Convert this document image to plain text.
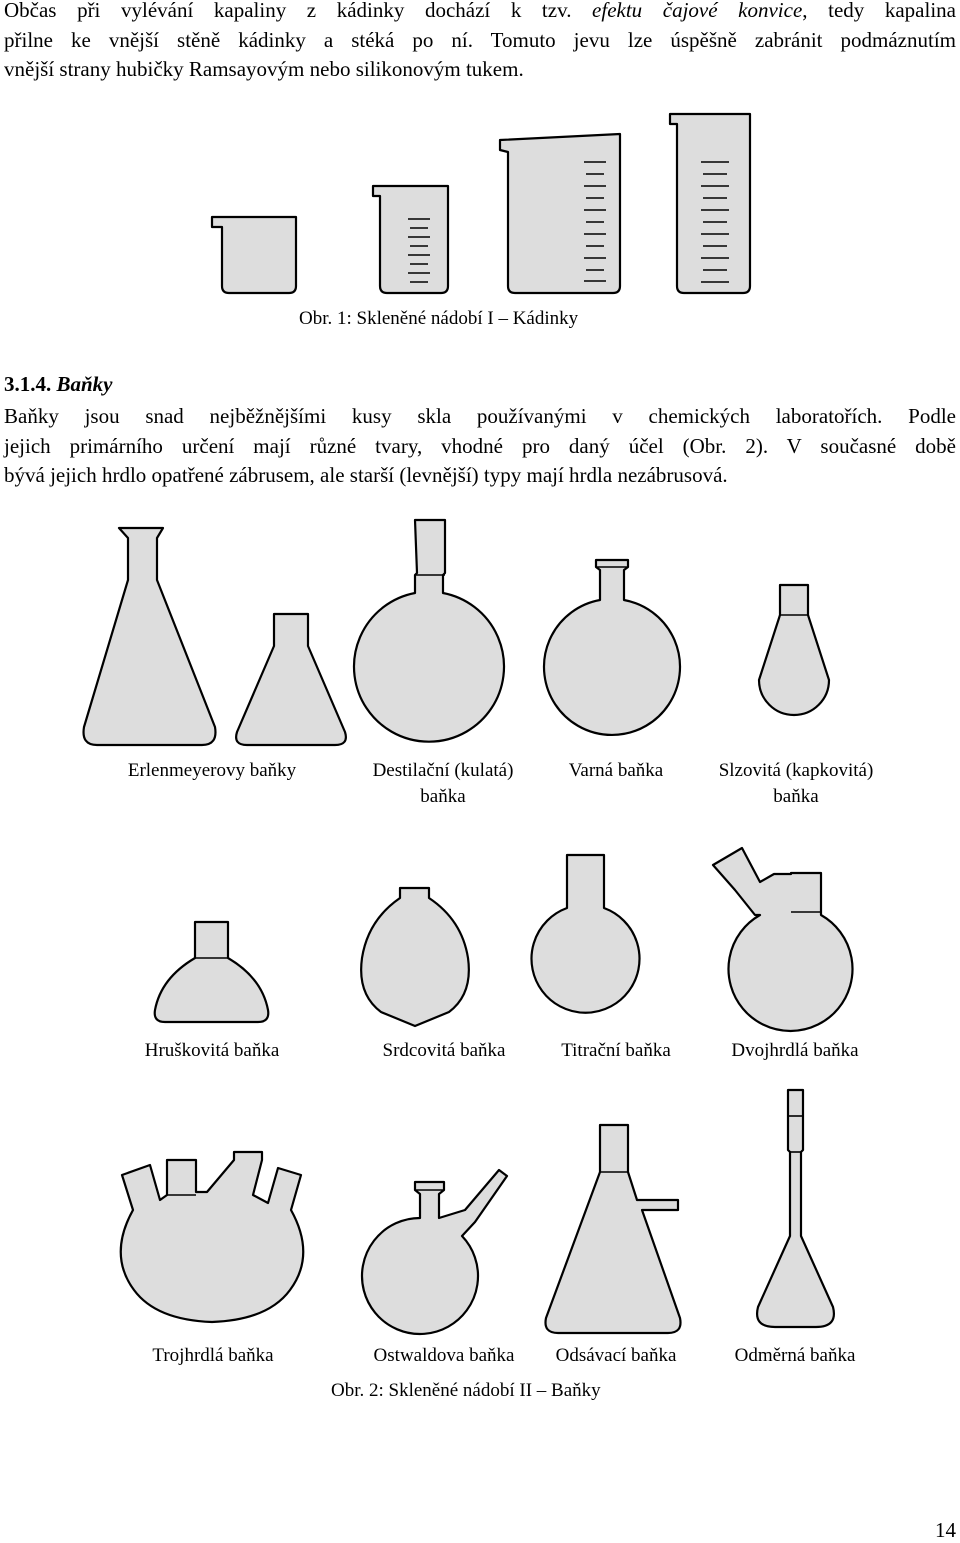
Občas při vylévání kapaliny z kádinky dochází k tzv. efektu čajové konvice, tedy kapalina
přilne ke vnější stěně kádinky a stéká po ní. Tomuto jevu lze úspěšně zabránit podmáznutím
vnější strany hubičky Ramsayovým nebo silikonovým tukem.
Obr. 1: Skleněné nádobí I – Kádinky
3.1.4. Baňky
Baňky jsou snad nejběžnějšími kusy skla používanými v chemických laboratořích. Podle
jejich primárního určení mají různé tvary, vhodné pro daný účel (Obr. 2). V současné době
bývá jejich hrdlo opatřené zábrusem, ale starší (levnější) typy mají hrdla nezábrusová.
Erlenmeyerovy baňky	Destilační (kulatá)
baňka
Varná baňka	Slzovitá (kapkovitá)
baňka
Hruškovitá baňka	Srdcovitá baňka	Titrační baňka	Dvojhrdlá baňka
Trojhrdlá baňka	Ostwaldova baňka Odsávací baňka	Odměrná baňka
Obr. 2: Skleněné nádobí II – Baňky
14
